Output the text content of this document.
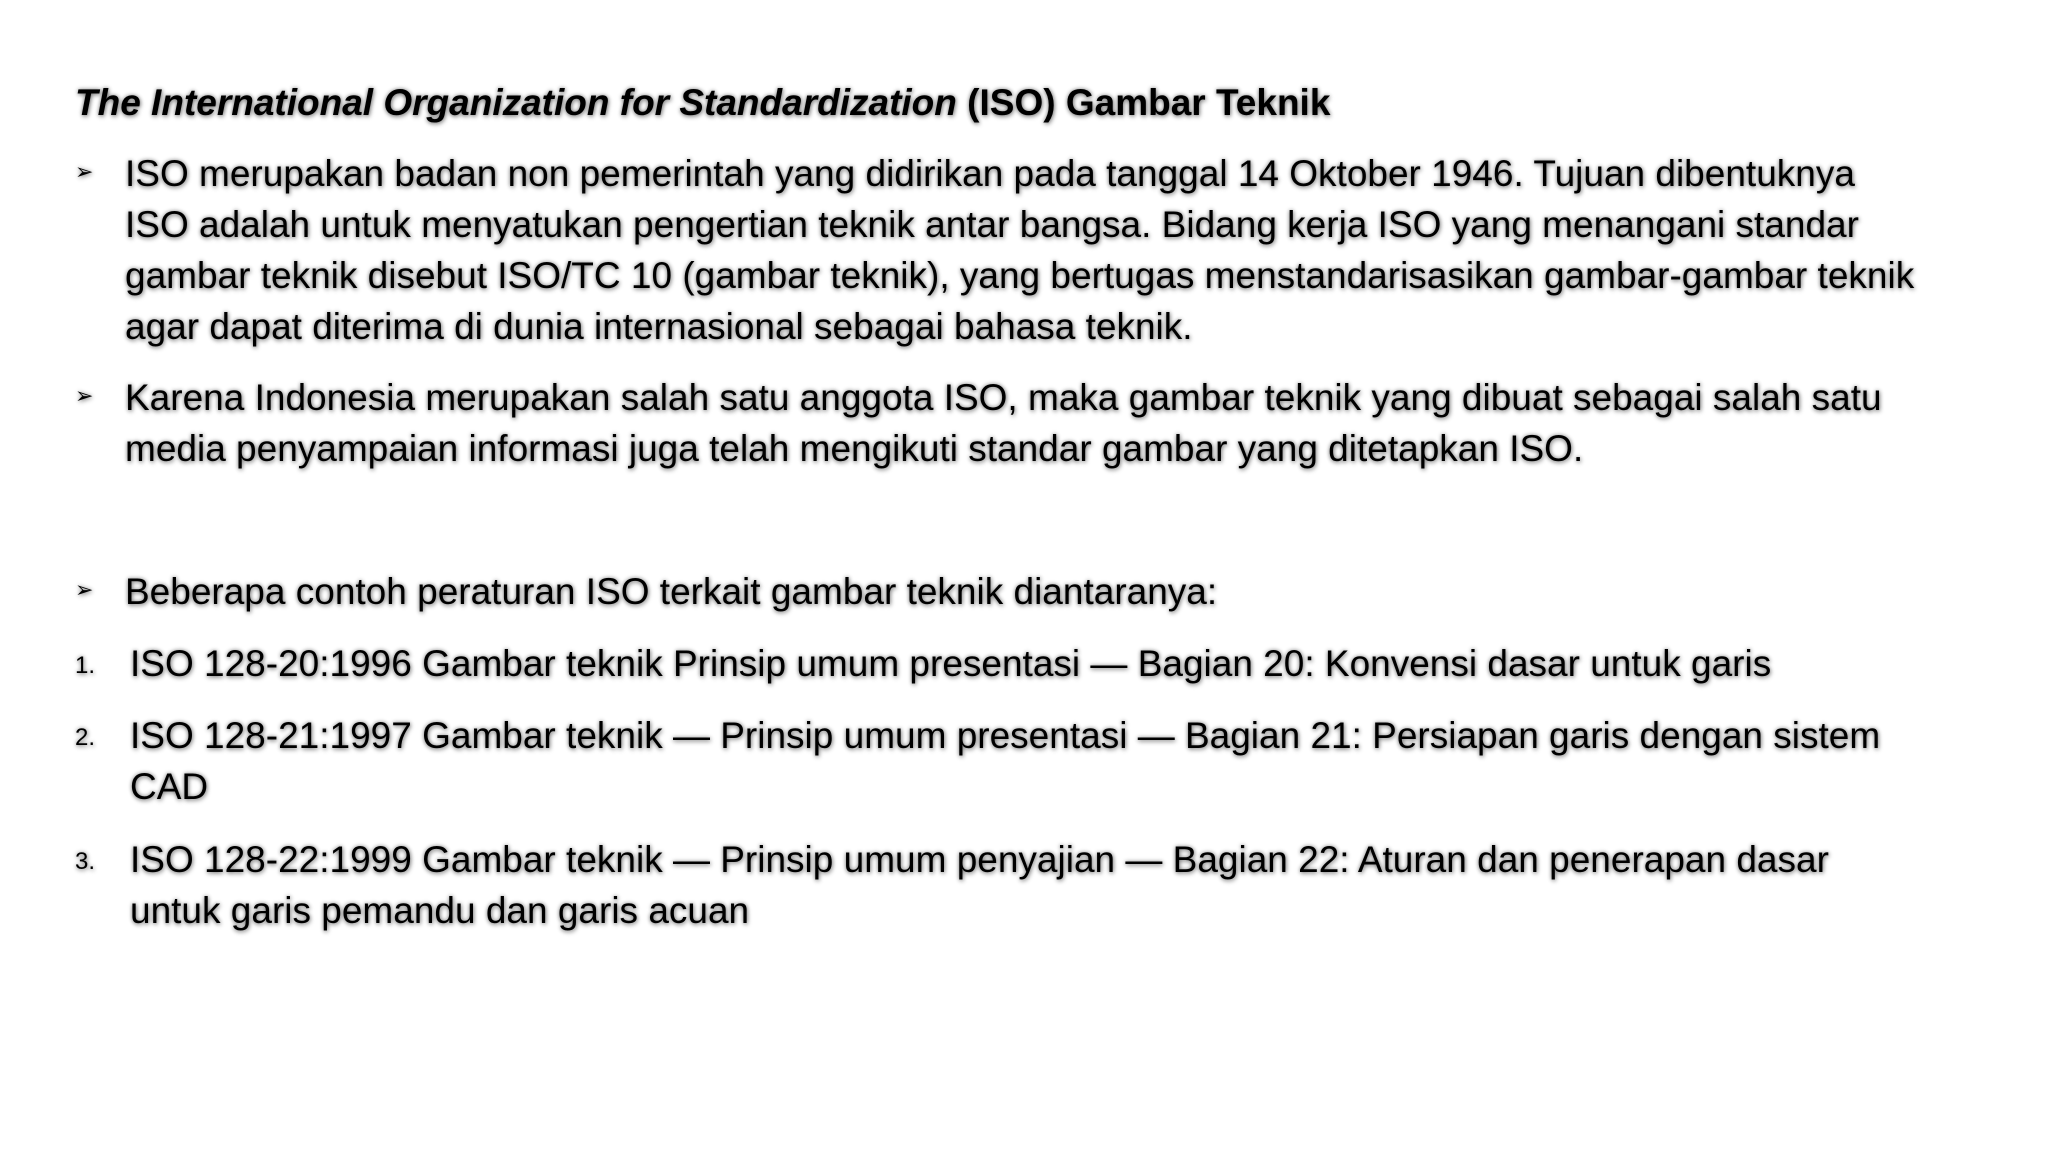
The International Organization for Standardization (ISO) Gambar Teknik
➢ ISO merupakan badan non pemerintah yang didirikan pada tanggal 14 Oktober 1946. Tujuan dibentuknya
ISO adalah untuk menyatukan pengertian teknik antar bangsa. Bidang kerja ISO yang menangani standar
gambar teknik disebut ISO/TC 10 (gambar teknik), yang bertugas menstandarisasikan gambar-gambar teknik
agar dapat diterima di dunia internasional sebagai bahasa teknik.
➢ Karena Indonesia merupakan salah satu anggota ISO, maka gambar teknik yang dibuat sebagai salah satu
media penyampaian informasi juga telah mengikuti standar gambar yang ditetapkan ISO.
➢ Beberapa contoh peraturan ISO terkait gambar teknik diantaranya:
1. ISO 128-20:1996 Gambar teknik Prinsip umum presentasi — Bagian 20: Konvensi dasar untuk garis
2. ISO 128-21:1997 Gambar teknik — Prinsip umum presentasi — Bagian 21: Persiapan garis dengan sistem
CAD
3. ISO 128-22:1999 Gambar teknik — Prinsip umum penyajian — Bagian 22: Aturan dan penerapan dasar
untuk garis pemandu dan garis acuan
